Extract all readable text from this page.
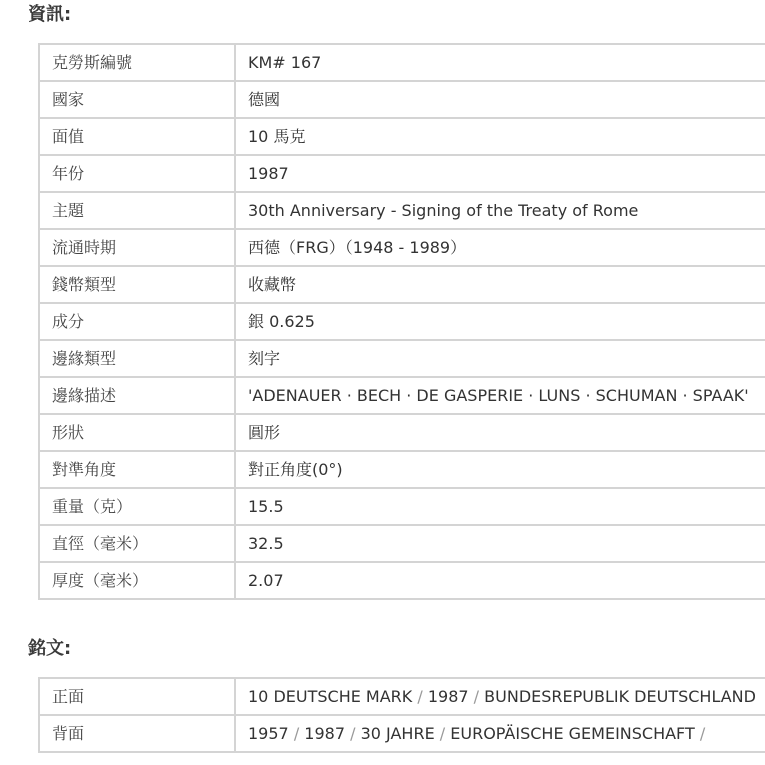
資訊:
克勞斯編號	KM# 167
國家	德國
面值	10 馬克
年份	1987
主題	30th Anniversary - Signing of the Treaty of Rome
流通時期	西德（FRG）（1948 - 1989）
錢幣類型	收藏幣
成分	銀 0.625
邊緣類型	刻字
邊緣描述	'ADENAUER · BECH · DE GASPERIE · LUNS · SCHUMAN · SPAAK'
形狀	圓形
對準角度	對正角度(0°)
重量（克）	15.5
直徑（毫米）	32.5
厚度（毫米）	2.07
銘文:
正面	10 DEUTSCHE MARK / 1987 / BUNDESREPUBLIK DEUTSCHLAND
背面	1957 / 1987 / 30 JAHRE / EUROPÄISCHE GEMEINSCHAFT /
